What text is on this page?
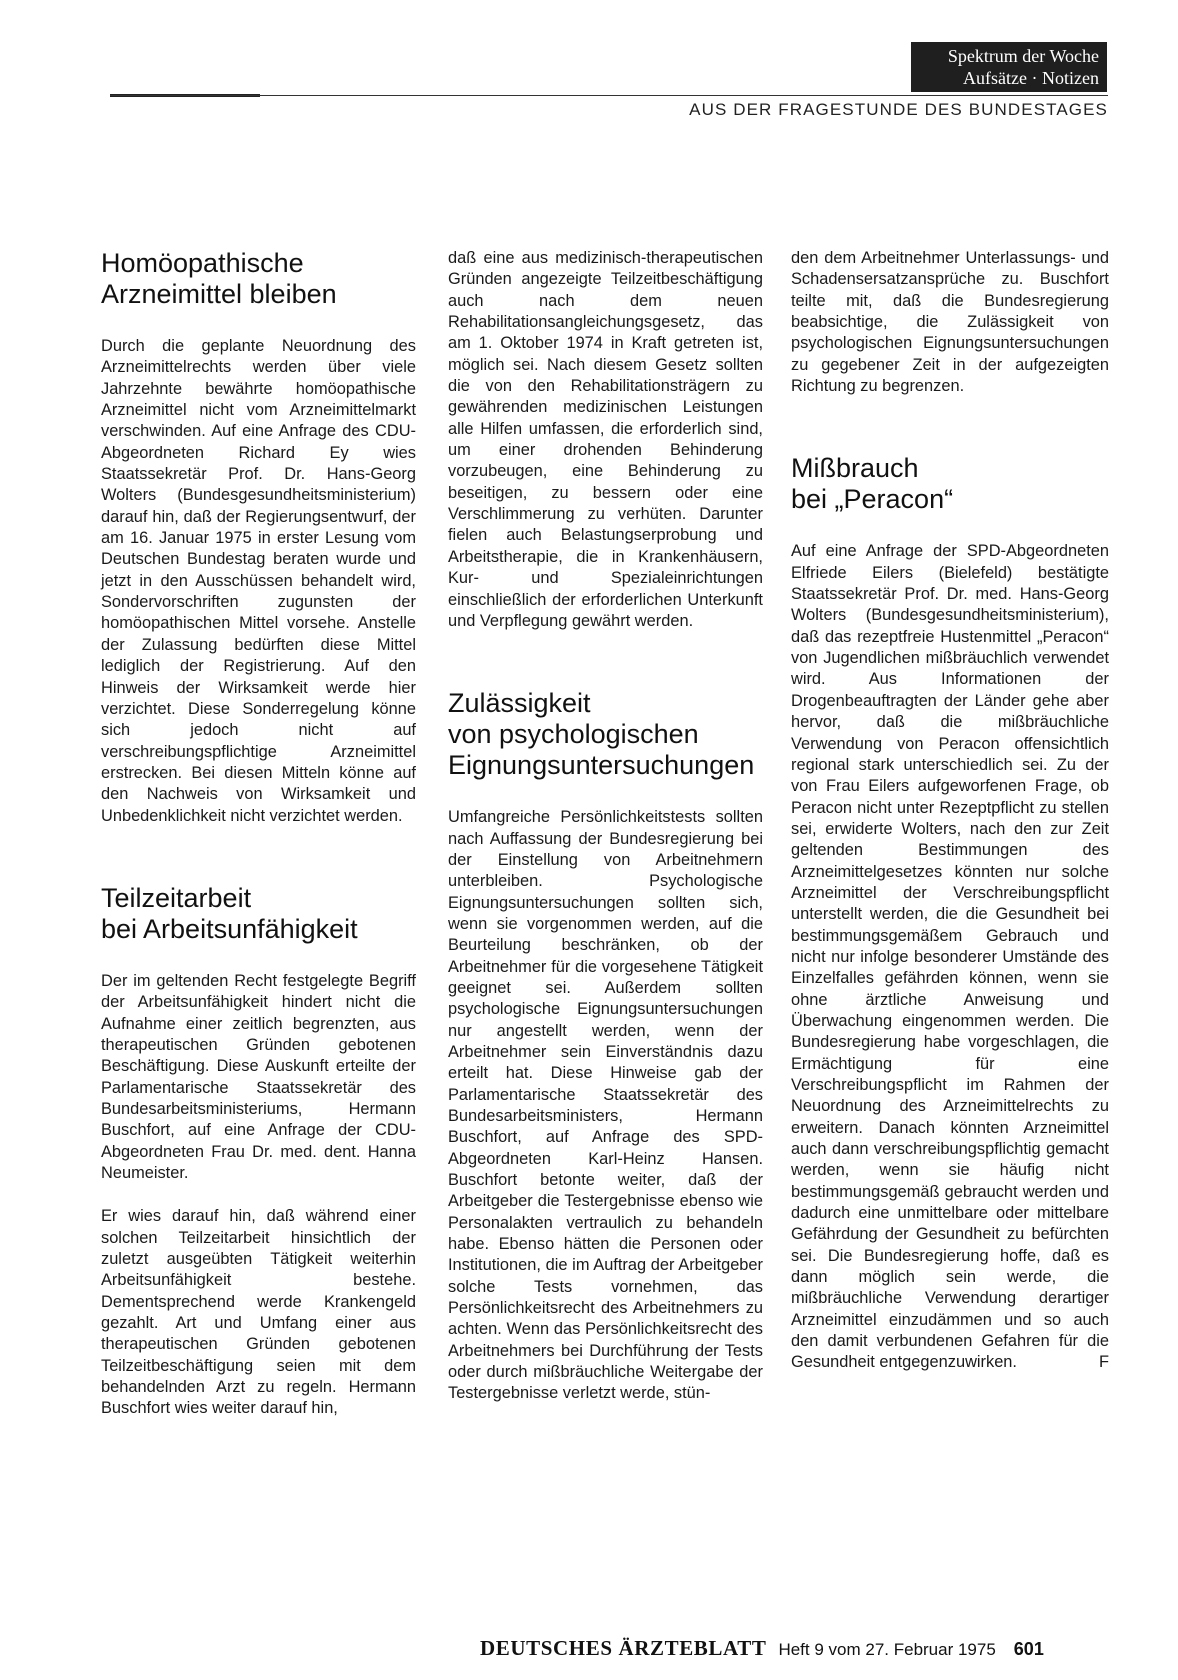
Spektrum der Woche
Aufsätze · Notizen
AUS DER FRAGESTUNDE DES BUNDESTAGES
Homöopathische
Arzneimittel bleiben

Durch die geplante Neuordnung des Arzneimittelrechts werden über viele Jahrzehnte bewährte homöopathische Arzneimittel nicht vom Arzneimittelmarkt verschwinden. Auf eine Anfrage des CDU-Abgeordneten Richard Ey wies Staatssekretär Prof. Dr. Hans-Georg Wolters (Bundesgesundheitsministerium) darauf hin, daß der Regierungsentwurf, der am 16. Januar 1975 in erster Lesung vom Deutschen Bundestag beraten wurde und jetzt in den Ausschüssen behandelt wird, Sondervorschriften zugunsten der homöopathischen Mittel vorsehe. Anstelle der Zulassung bedürften diese Mittel lediglich der Registrierung. Auf den Hinweis der Wirksamkeit werde hier verzichtet. Diese Sonderregelung könne sich jedoch nicht auf verschreibungspflichtige Arzneimittel erstrecken. Bei diesen Mitteln könne auf den Nachweis von Wirksamkeit und Unbedenklichkeit nicht verzichtet werden.

Teilzeitarbeit
bei Arbeitsunfähigkeit

Der im geltenden Recht festgelegte Begriff der Arbeitsunfähigkeit hindert nicht die Aufnahme einer zeitlich begrenzten, aus therapeutischen Gründen gebotenen Beschäftigung. Diese Auskunft erteilte der Parlamentarische Staatssekretär des Bundesarbeitsministeriums, Hermann Buschfort, auf eine Anfrage der CDU-Abgeordneten Frau Dr. med. dent. Hanna Neumeister.

Er wies darauf hin, daß während einer solchen Teilzeitarbeit hinsichtlich der zuletzt ausgeübten Tätigkeit weiterhin Arbeitsunfähigkeit bestehe. Dementsprechend werde Krankengeld gezahlt. Art und Umfang einer aus therapeutischen Gründen gebotenen Teilzeitbeschäftigung seien mit dem behandelnden Arzt zu regeln. Hermann Buschfort wies weiter darauf hin,

daß eine aus medizinisch-therapeutischen Gründen angezeigte Teilzeitbeschäftigung auch nach dem neuen Rehabilitationsangleichungsgesetz, das am 1. Oktober 1974 in Kraft getreten ist, möglich sei. Nach diesem Gesetz sollten die von den Rehabilitationsträgern zu gewährenden medizinischen Leistungen alle Hilfen umfassen, die erforderlich sind, um einer drohenden Behinderung vorzubeugen, eine Behinderung zu beseitigen, zu bessern oder eine Verschlimmerung zu verhüten. Darunter fielen auch Belastungserprobung und Arbeitstherapie, die in Krankenhäusern, Kur- und Spezialeinrichtungen einschließlich der erforderlichen Unterkunft und Verpflegung gewährt werden.

Zulässigkeit
von psychologischen
Eignungsuntersuchungen

Umfangreiche Persönlichkeitstests sollten nach Auffassung der Bundesregierung bei der Einstellung von Arbeitnehmern unterbleiben. Psychologische Eignungsuntersuchungen sollten sich, wenn sie vorgenommen werden, auf die Beurteilung beschränken, ob der Arbeitnehmer für die vorgesehene Tätigkeit geeignet sei. Außerdem sollten psychologische Eignungsuntersuchungen nur angestellt werden, wenn der Arbeitnehmer sein Einverständnis dazu erteilt hat. Diese Hinweise gab der Parlamentarische Staatssekretär des Bundesarbeitsministers, Hermann Buschfort, auf Anfrage des SPD-Abgeordneten Karl-Heinz Hansen. Buschfort betonte weiter, daß der Arbeitgeber die Testergebnisse ebenso wie Personalakten vertraulich zu behandeln habe. Ebenso hätten die Personen oder Institutionen, die im Auftrag der Arbeitgeber solche Tests vornehmen, das Persönlichkeitsrecht des Arbeitnehmers zu achten. Wenn das Persönlichkeitsrecht des Arbeitnehmers bei Durchführung der Tests oder durch mißbräuchliche Weitergabe der Testergebnisse verletzt werde, stün-

den dem Arbeitnehmer Unterlassungs- und Schadensersatzansprüche zu. Buschfort teilte mit, daß die Bundesregierung beabsichtige, die Zulässigkeit von psychologischen Eignungsuntersuchungen zu gegebener Zeit in der aufgezeigten Richtung zu begrenzen.

Mißbrauch
bei „Peracon“

Auf eine Anfrage der SPD-Abgeordneten Elfriede Eilers (Bielefeld) bestätigte Staatssekretär Prof. Dr. med. Hans-Georg Wolters (Bundesgesundheitsministerium), daß das rezeptfreie Hustenmittel „Peracon“ von Jugendlichen mißbräuchlich verwendet wird. Aus Informationen der Drogenbeauftragten der Länder gehe aber hervor, daß die mißbräuchliche Verwendung von Peracon offensichtlich regional stark unterschiedlich sei. Zu der von Frau Eilers aufgeworfenen Frage, ob Peracon nicht unter Rezeptpflicht zu stellen sei, erwiderte Wolters, nach den zur Zeit geltenden Bestimmungen des Arzneimittelgesetzes könnten nur solche Arzneimittel der Verschreibungspflicht unterstellt werden, die die Gesundheit bei bestimmungsgemäßem Gebrauch und nicht nur infolge besonderer Umstände des Einzelfalles gefährden können, wenn sie ohne ärztliche Anweisung und Überwachung eingenommen werden. Die Bundesregierung habe vorgeschlagen, die Ermächtigung für eine Verschreibungspflicht im Rahmen der Neuordnung des Arzneimittelrechts zu erweitern. Danach könnten Arzneimittel auch dann verschreibungspflichtig gemacht werden, wenn sie häufig nicht bestimmungsgemäß gebraucht werden und dadurch eine unmittelbare oder mittelbare Gefährdung der Gesundheit zu befürchten sei. Die Bundesregierung hoffe, daß es dann möglich sein werde, die mißbräuchliche Verwendung derartiger Arzneimittel einzudämmen und so auch den damit verbundenen Gefahren für die Gesundheit entgegenzuwirken.	F

DEUTSCHES ÄRZTEBLATT Heft 9 vom 27. Februar 1975 601
